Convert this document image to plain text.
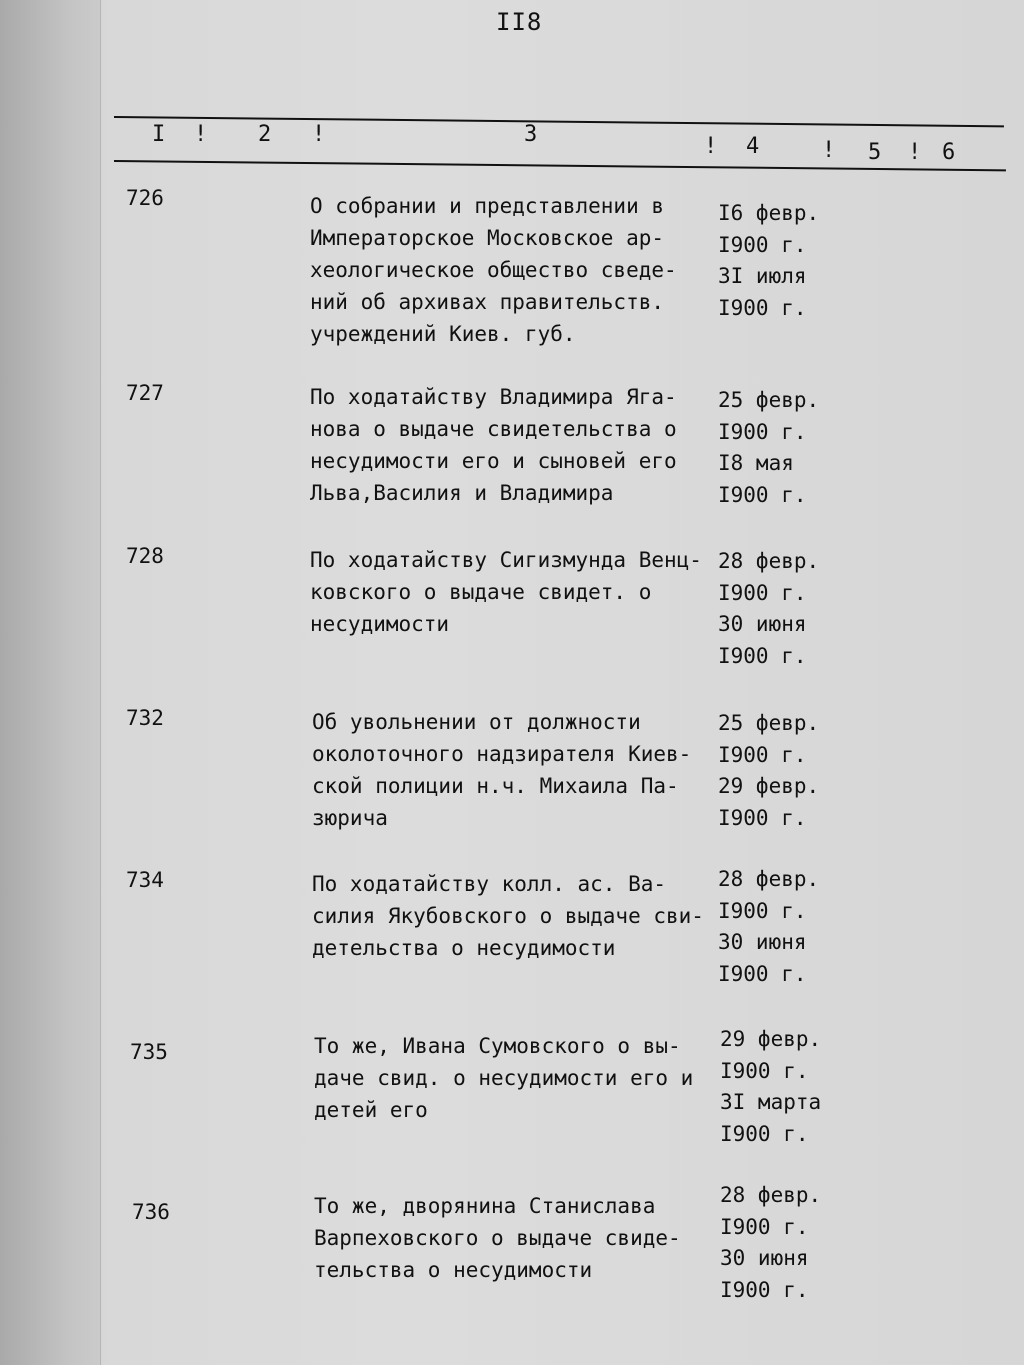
II8
I ! 2 !	3	! 4	! 5 ! 6
726	О собрании и представлении в
Императорское Московское ар-
хеологическое общество сведе-
ний об архивах правительств.
учреждений Киев. губ.
I6 февр.
I900 г.
3I июля
I900 г.
727	По ходатайству Владимира Яга-
нова о выдаче свидетельства о
несудимости его и сыновей его
Льва,Василия и Владимира
25 февр.
I900 г.
I8 мая
I900 г.
728	По ходатайству Сигизмунда Венц-
ковского о выдаче свидет. о
несудимости
28 февр.
I900 г.
30 июня
I900 г.
732	Об увольнении от должности
околоточного надзирателя Киев-
ской полиции н.ч. Михаила Па-
зюрича
25 февр.
I900 г.
29 февр.
I900 г.
734	По ходатайству колл. ас. Ва-
силия Якубовского о выдаче сви-
детельства о несудимости
28 февр.
I900 г.
30 июня
I900 г.
735	То же, Ивана Сумовского о вы-
даче свид. о несудимости его и
детей его
29 февр.
I900 г.
3I марта
I900 г.
736	То же, дворянина Станислава
Варпеховского о выдаче свиде-
тельства о несудимости
28 февр.
I900 г.
30 июня
I900 г.
